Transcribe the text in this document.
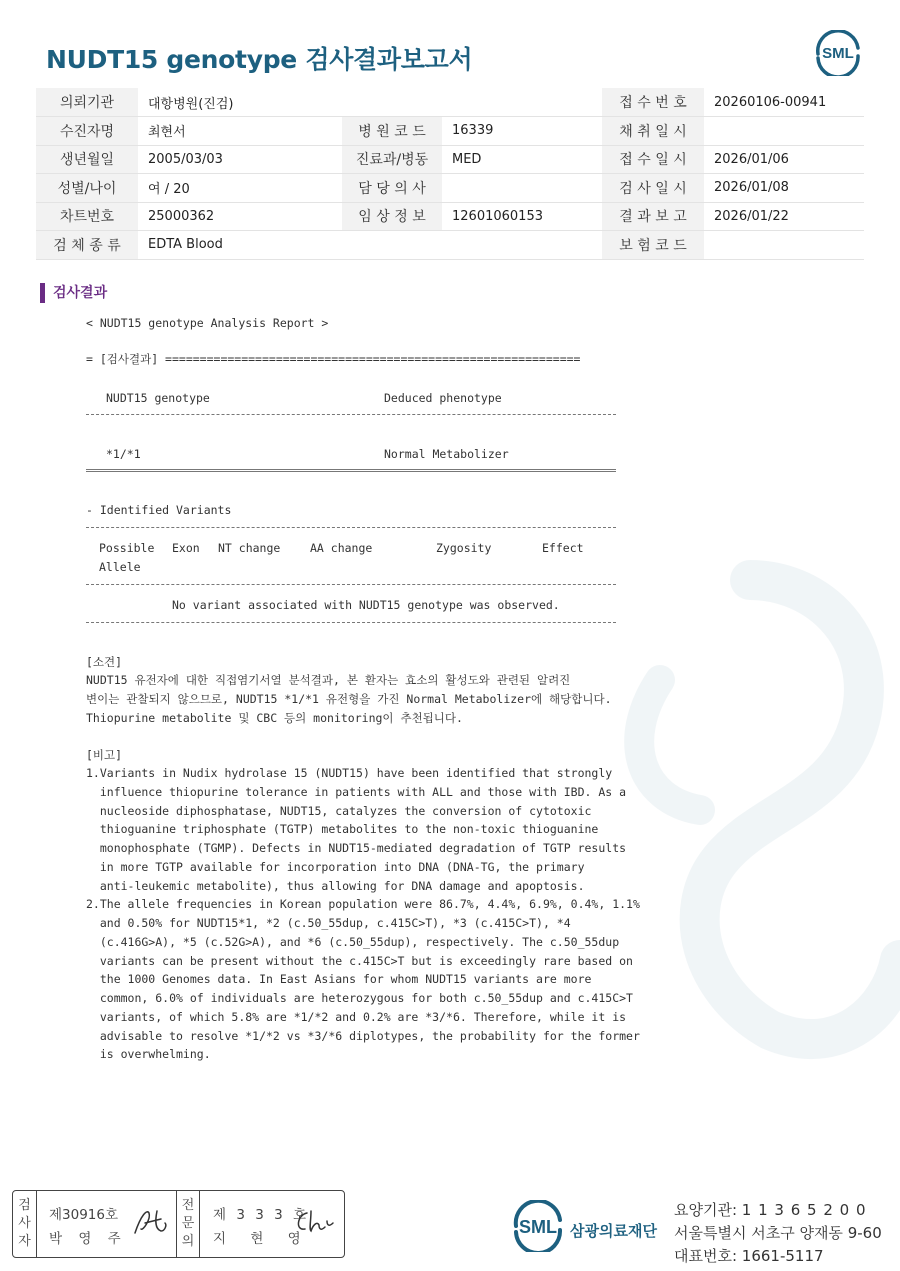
NUDT15 genotype 검사결과보고서	SML
의뢰기관	대항병원(진검)			접 수 번 호	20260106-00941
수진자명	최현서	병 원 코 드	16339	채 취 일 시	
생년월일	2005/03/03	진료과/병동	MED	접 수 일 시	2026/01/06
성별/나이	여 / 20	담 당 의 사		검 사 일 시	2026/01/08
차트번호	25000362	임 상 정 보	12601060153	결 과 보 고	2026/01/22
검 체 종 류	EDTA Blood			보 험 코 드	
검사결과
< NUDT15 genotype Analysis Report >
= [검사결과] ============================================================
NUDT15 genotype	Deduced phenotype
*1/*1	Normal Metabolizer
- Identified Variants
Possible Exon NT change	AA change	Zygosity	Effect
Allele
No variant associated with NUDT15 genotype was observed.
[소견]
NUDT15 유전자에 대한 직접염기서열 분석결과, 본 환자는 효소의 활성도와 관련된 알려진
변이는 관찰되지 않으므로, NUDT15 *1/*1 유전형을 가진 Normal Metabolizer에 해당합니다.
Thiopurine metabolite 및 CBC 등의 monitoring이 추천됩니다.
[비고]
1.Variants in Nudix hydrolase 15 (NUDT15) have been identified that strongly
influence thiopurine tolerance in patients with ALL and those with IBD. As a
nucleoside diphosphatase, NUDT15, catalyzes the conversion of cytotoxic
thioguanine triphosphate (TGTP) metabolites to the non-toxic thioguanine
monophosphate (TGMP). Defects in NUDT15-mediated degradation of TGTP results
in more TGTP available for incorporation into DNA (DNA-TG, the primary
anti-leukemic metabolite), thus allowing for DNA damage and apoptosis.
2.The allele frequencies in Korean population were 86.7%, 4.4%, 6.9%, 0.4%, 1.1%
and 0.50% for NUDT15*1, *2 (c.50_55dup, c.415C>T), *3 (c.415C>T), *4
(c.416G>A), *5 (c.52G>A), and *6 (c.50_55dup), respectively. The c.50_55dup
variants can be present without the c.415C>T but is exceedingly rare based on
the 1000 Genomes data. In East Asians for whom NUDT15 variants are more
common, 6.0% of individuals are heterozygous for both c.50_55dup and c.415C>T
variants, of which 5.8% are *1/*2 and 0.2% are *3/*6. Therefore, while it is
advisable to resolve *1/*2 vs *3/*6 diplotypes, the probability for the former
is overwhelming.
검
사
자
제30916호
박 영 주
전
문
의
제 3 3 3 호
지 현 영
SML 삼광의료재단
요양기관: 1 1 3 6 5 2 0 0
서울특별시 서초구 양재동 9-60
대표번호: 1661-5117
